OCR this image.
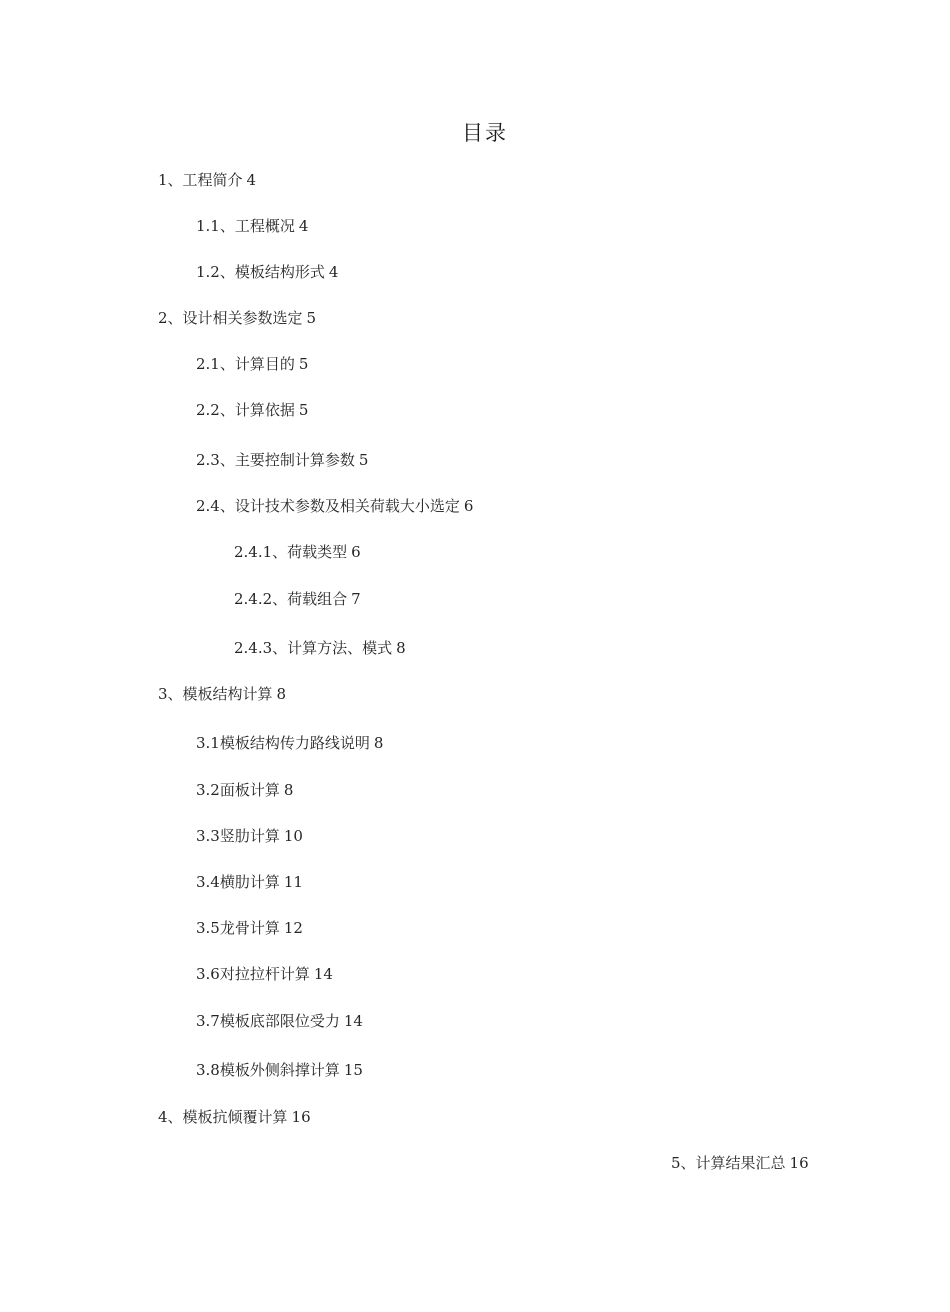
目录
1、工程简介 4
1.1、工程概况 4
1.2、模板结构形式 4
2、设计相关参数选定 5
2.1、计算目的 5
2.2、计算依据 5
2.3、主要控制计算参数 5
2.4、设计技术参数及相关荷载大小选定 6
2.4.1、荷载类型 6
2.4.2、荷载组合 7
2.4.3、计算方法、模式 8
3、模板结构计算 8
3.1模板结构传力路线说明 8
3.2面板计算 8
3.3竖肋计算 10
3.4横肋计算 11
3.5龙骨计算 12
3.6对拉拉杆计算 14
3.7模板底部限位受力 14
3.8模板外侧斜撑计算 15
4、模板抗倾覆计算 16
5、计算结果汇总 16
